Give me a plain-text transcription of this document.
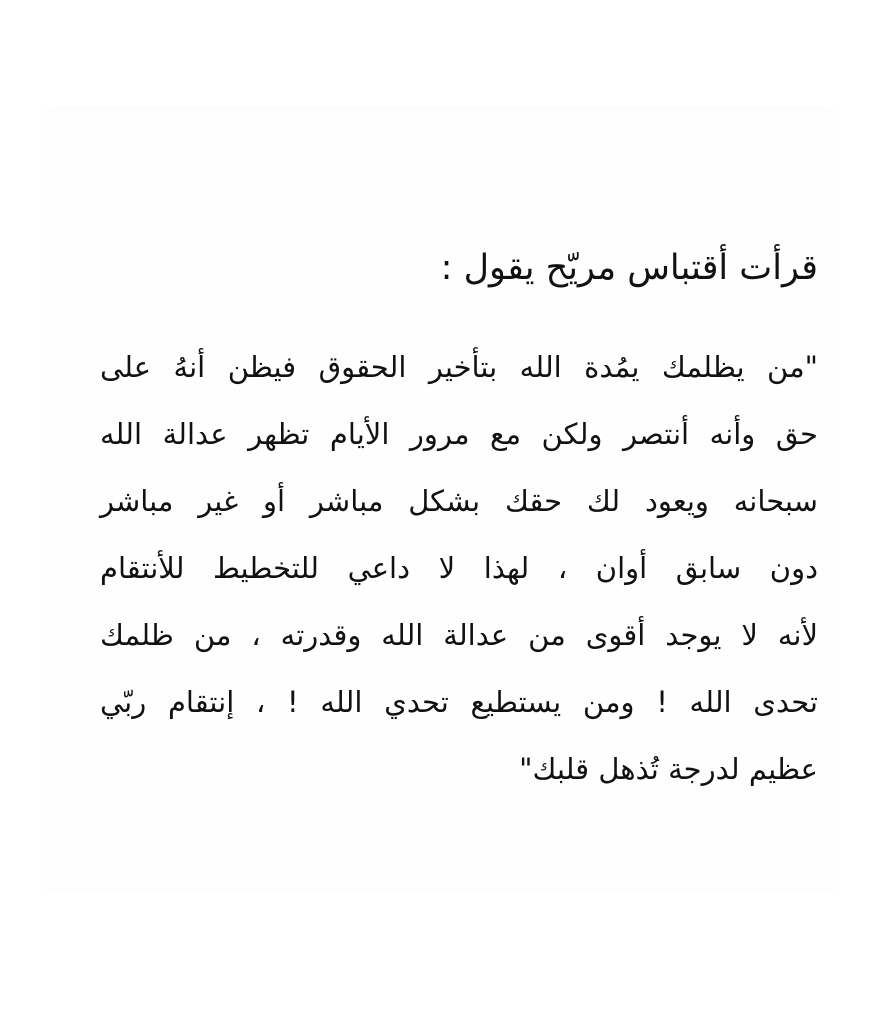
قرأت أقتباس مريّح يقول :
"من يظلمك يمُدة الله بتأخير الحقوق فيظن أنهُ على
حق وأنه أنتصر ولكن مع مرور الأيام تظهر عدالة الله
سبحانه ويعود لك حقك بشكل مباشر أو غير مباشر
دون سابق أوان ، لهذا لا داعي للتخطيط للأنتقام
لأنه لا يوجد أقوى من عدالة الله وقدرته ، من ظلمك
تحدى الله ! ومن يستطيع تحدي الله ! ، إنتقام ربّي
عظيم لدرجة تُذهل قلبك"
